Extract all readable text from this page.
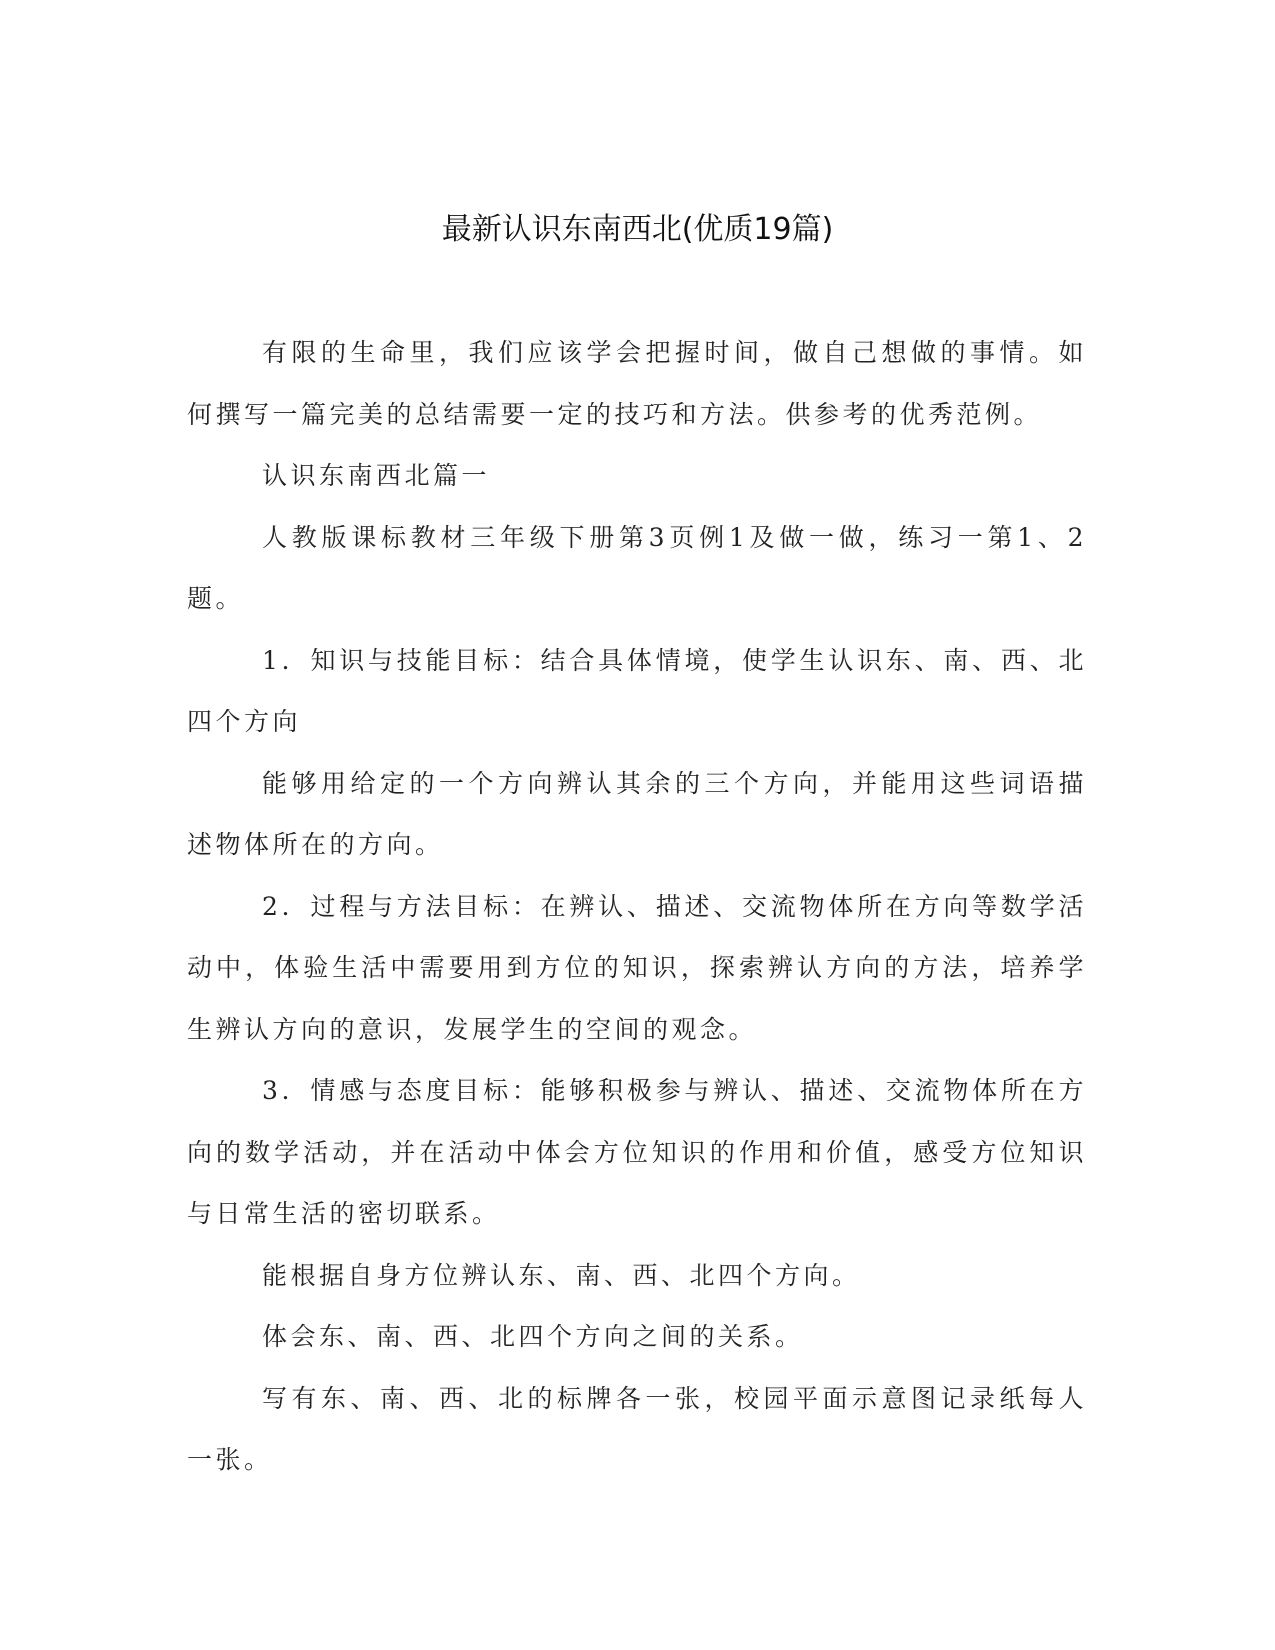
最新认识东南西北(优质19篇)

有限的生命里，我们应该学会把握时间，做自己想做的事情。如何撰写一篇完美的总结需要一定的技巧和方法。供参考的优秀范例。

认识东南西北篇一

人教版课标教材三年级下册第3页例1及做一做，练习一第1、2题。

1．知识与技能目标：结合具体情境，使学生认识东、南、西、北四个方向

能够用给定的一个方向辨认其余的三个方向，并能用这些词语描述物体所在的方向。

2．过程与方法目标：在辨认、描述、交流物体所在方向等数学活动中，体验生活中需要用到方位的知识，探索辨认方向的方法，培养学生辨认方向的意识，发展学生的空间的观念。

3．情感与态度目标：能够积极参与辨认、描述、交流物体所在方向的数学活动，并在活动中体会方位知识的作用和价值，感受方位知识与日常生活的密切联系。

能根据自身方位辨认东、南、西、北四个方向。

体会东、南、西、北四个方向之间的关系。

写有东、南、西、北的标牌各一张，校园平面示意图记录纸每人一张。
